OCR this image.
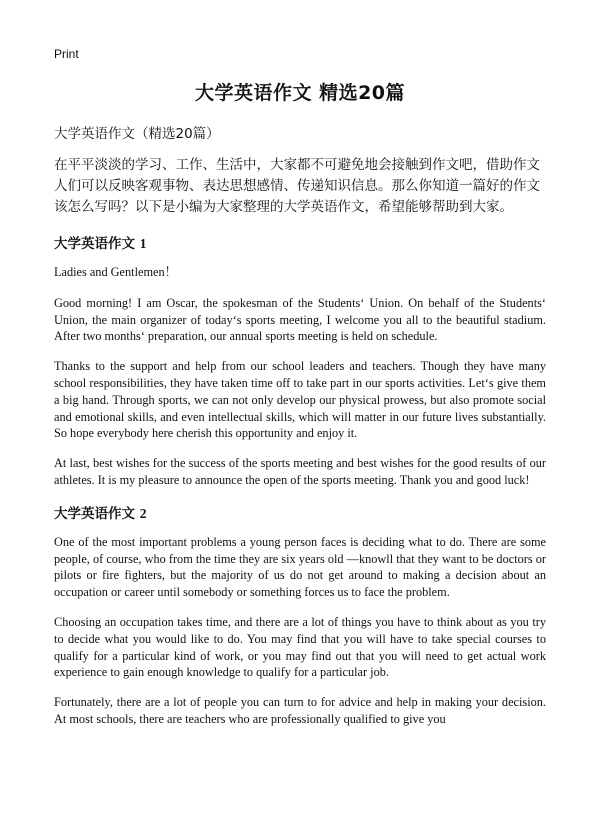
Print
大学英语作文 精选20篇
大学英语作文（精选20篇）
在平平淡淡的学习、工作、生活中，大家都不可避免地会接触到作文吧，借助作文人们可以反映客观事物、表达思想感情、传递知识信息。那么你知道一篇好的作文该怎么写吗？以下是小编为大家整理的大学英语作文，希望能够帮助到大家。
大学英语作文 1

Ladies and Gentlemen！

Good morning! I am Oscar, the spokesman of the Students‘ Union. On behalf of the Students‘ Union, the main organizer of today‘s sports meeting, I welcome you all to the beautiful stadium. After two months‘ preparation, our annual sports meeting is held on schedule.

Thanks to the support and help from our school leaders and teachers. Though they have many school responsibilities, they have taken time off to take part in our sports activities. Let‘s give them a big hand. Through sports, we can not only develop our physical prowess, but also promote social and emotional skills, and even intellectual skills, which will matter in our future lives substantially. So hope everybody here cherish this opportunity and enjoy it.

At last, best wishes for the success of the sports meeting and best wishes for the good results of our athletes. It is my pleasure to announce the open of the sports meeting. Thank you and good luck!

大学英语作文 2

One of the most important problems a young person faces is deciding what to do. There are some people, of course, who from the time they are six years old —knowll that they want to be doctors or pilots or fire fighters, but the majority of us do not get around to making a decision about an occupation or career until somebody or something forces us to face the problem.

Choosing an occupation takes time, and there are a lot of things you have to think about as you try to decide what you would like to do. You may find that you will have to take special courses to qualify for a particular kind of work, or you may find out that you will need to get actual work experience to gain enough knowledge to qualify for a particular job.

Fortunately, there are a lot of people you can turn to for advice and help in making your decision. At most schools, there are teachers who are professionally qualified to give you
